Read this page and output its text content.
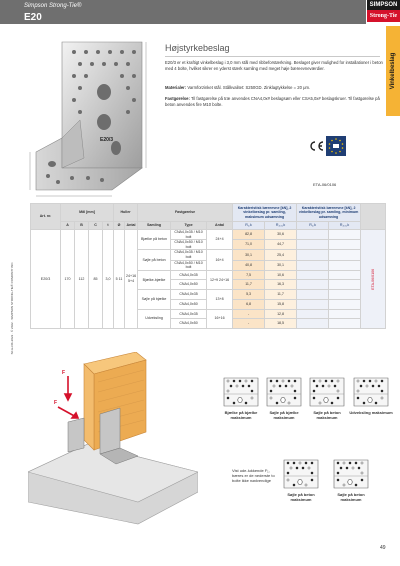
Simpson Strong-Tie®
E20
SIMPSON
Strong-Tie
Vinkelbeslag
E20/3
Højstyrkebeslag
E20/3 er et kraftigt vinkelbeslag i 3,0 mm stål med ribbeforstærkning. Beslaget giver mulighed for installationer i beton med 4 bolte, hvilket sikrer en yderst stærk samling med meget høje bæreevneværdier.
Materialer: Varmforzinket stål. Stålkvalitet: S250GD. Zinklagtykkelse = 20 μm.
Fastgørelse: Til fastgørelse på træ anvendes CNA4,0x# beslagsøm eller CSA5,0x# beslagskruer. Til fastgørelse på beton anvendes fire M10 bolte.
ETA-06/0106
SF-E-DK-2022 · © 2022 · SIMPSON STRONG-TIE® COMPANY INC.
Art. nr.	Mål [mm]				Huller		Fastgørelse			Karakteristisk bæreevne [kN], 2 vinkelbeslag pr. samling, maksimum udsømning		Karakteristisk bæreevne [kN], 2 vinkelbeslag pr. samling, minimum udsømning		
	A	B	C	t	Ø	Antal	Samling	Type	Antal	R₁,k	R₄,₅,k	R₁,k	R₄,₅,k	
E20/3	170	112	85	3,0	5 11	24+16 5+4	Bjælke på beton	CNA4,0x35 / M10 bolt	24+4	82,8	30,6			ETA-06/0106
								CNA4,0x50 / M10 bolt		71,0	44,7			
							Søjle på beton	CNA4,0x35 / M10 bolt	16+4	30,1	25,4			
								CNA4,0x50 / M10 bolt		40,8	30,1			
							Bjælke-bjælke	CNA4,0x35	12+9 24+16	7,5	10,6			
								CNA4,0x50		11,7	16,3			
							Søjle på bjælke	CNA4,0x35	13+8	5,3	11,7			
								CNA4,0x50		6,8	15,8			
							Udveksling	CNA4,0x35	16+16	-	12,8			
								CNA4,0x50		-	18,5			
F
F
Bjælke på bjælke maksimum
Søjle på bjælke maksimum
Søjle på beton maksimum
Udveksling maksimum
Søjle på beton maksimum
Søjle på beton maksimum
Vist ude-lukkende F₁, bæres er de nederste to bolte ikke nødvendige
49
